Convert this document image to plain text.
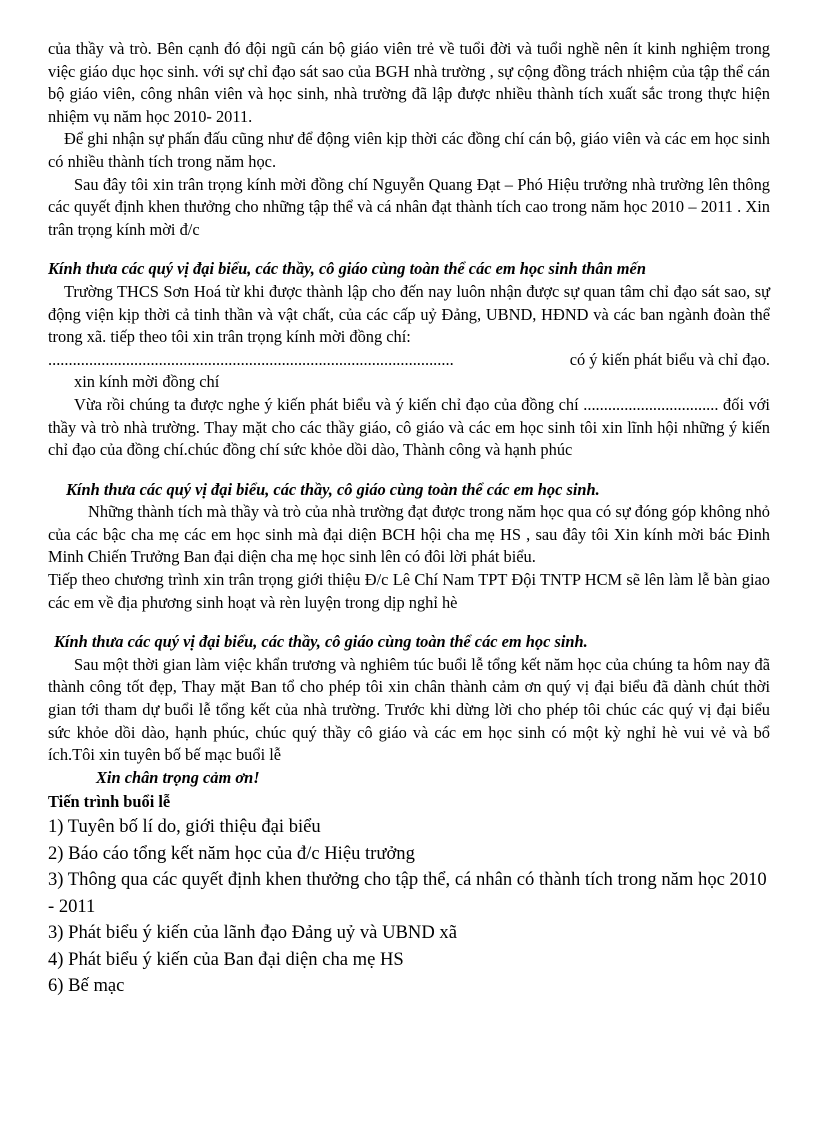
của thầy và trò. Bên cạnh đó đội ngũ cán bộ giáo viên trẻ về tuổi đời và tuổi nghề nên ít kinh nghiệm trong việc giáo dục học sinh. với sự chỉ đạo sát sao của BGH nhà trường , sự cộng đồng trách nhiệm của tập thể cán bộ giáo viên, công nhân viên và học sinh, nhà trường đã lập được nhiều thành tích xuất sắc trong thực hiện nhiệm vụ năm học 2010- 2011.

Để ghi nhận sự phấn đấu cũng như để động viên kịp thời các đồng chí cán bộ, giáo viên và các em học sinh có nhiều thành tích trong năm học.

Sau đây tôi xin trân trọng kính mời đồng chí Nguyễn Quang Đạt – Phó Hiệu trưởng nhà trường lên thông các quyết định khen thưởng cho những tập thể và cá nhân đạt thành tích cao trong năm học 2010 – 2011 . Xin trân trọng kính mời đ/c

Kính thưa các quý vị đại biểu, các thầy, cô giáo cùng toàn thể các em học sinh thân mến

Trường THCS Sơn Hoá từ khi được thành lập cho đến nay luôn nhận được sự quan tâm chỉ đạo sát sao, sự động viện kịp thời cả tinh thần và vật chất, của các cấp uỷ Đảng, UBND, HĐND và các ban ngành đoàn thể trong xã. tiếp theo tôi xin trân trọng kính mời đồng chí:

...................................................................................................	có ý kiến phát biểu và chỉ đạo.

xin kính mời đồng chí

Vừa rồi chúng ta được nghe ý kiến phát biểu và ý kiến chỉ đạo của đồng chí ................................. đối với thầy và trò nhà trường. Thay mặt cho các thầy giáo, cô giáo và các em học sinh tôi xin lĩnh hội những ý kiến chỉ đạo của đồng chí.chúc đồng chí sức khỏe dồi dào, Thành công và hạnh phúc

Kính thưa các quý vị đại biểu, các thầy, cô giáo cùng toàn thể các em học sinh.

Những thành tích mà thầy và trò của nhà trường đạt được trong năm học qua có sự đóng góp không nhỏ của các bậc cha mẹ các em học sinh mà đại diện BCH hội cha mẹ HS , sau đây tôi Xin kính mời bác Đinh Minh Chiến Trưởng Ban đại diện cha mẹ học sinh lên có đôi lời phát biểu.

Tiếp theo chương trình xin trân trọng giới thiệu Đ/c Lê Chí Nam TPT Đội TNTP HCM sẽ lên làm lễ bàn giao các em về địa phương sinh hoạt và rèn luyện trong dịp nghỉ hè

Kính thưa các quý vị đại biểu, các thầy, cô giáo cùng toàn thể các em học sinh.

Sau một thời gian làm việc khẩn trương và nghiêm túc buổi lễ tổng kết năm học của chúng ta hôm nay đã thành công tốt đẹp, Thay mặt Ban tổ cho phép tôi xin chân thành cảm ơn quý vị đại biểu đã dành chút thời gian tới tham dự buổi lễ tổng kết của nhà trường. Trước khi dừng lời cho phép tôi chúc các quý vị đại biểu sức khỏe dồi dào, hạnh phúc, chúc quý thầy cô giáo và các em học sinh có một kỳ nghỉ hè vui vẻ và bổ ích.Tôi xin tuyên bố bế mạc buổi lễ

Xin chân trọng cảm ơn!

Tiến trình buổi lễ

1) Tuyên bố lí do, giới thiệu đại biểu

2) Báo cáo tổng kết năm học của đ/c Hiệu trưởng

3) Thông qua các quyết định khen thưởng cho tập thể, cá nhân có thành tích trong năm học 2010 - 2011

3) Phát biểu ý kiến của lãnh đạo Đảng uỷ và UBND xã

4) Phát biểu ý kiến của Ban đại diện cha mẹ HS

6) Bế mạc
